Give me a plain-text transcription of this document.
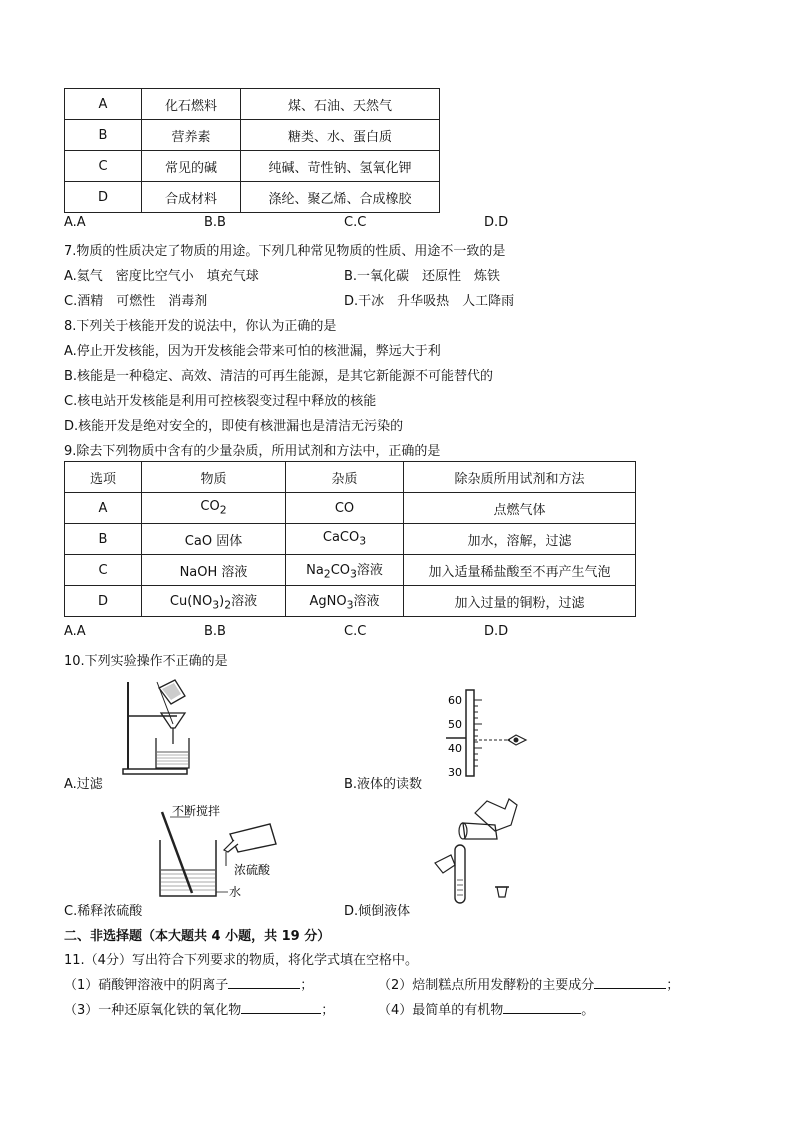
A	化石燃料	煤、石油、天然气
B	营养素	糖类、水、蛋白质
C	常见的碱	纯碱、苛性钠、氢氧化钾
D	合成材料	涤纶、聚乙烯、合成橡胶
A.A	B.B	C.C	D.D
7.物质的性质决定了物质的用途。下列几种常见物质的性质、用途不一致的是
A.氦气　密度比空气小　填充气球	B.一氧化碳　还原性　炼铁
C.酒精　可燃性　消毒剂	D.干冰　升华吸热　人工降雨
8.下列关于核能开发的说法中，你认为正确的是
A.停止开发核能，因为开发核能会带来可怕的核泄漏，弊远大于利
B.核能是一种稳定、高效、清洁的可再生能源，是其它新能源不可能替代的
C.核电站开发核能是利用可控核裂变过程中释放的核能
D.核能开发是绝对安全的，即使有核泄漏也是清洁无污染的
9.除去下列物质中含有的少量杂质，所用试剂和方法中，正确的是
选项	物质	杂质	除杂质所用试剂和方法
A	$CO_2$	CO	点燃气体
B	CaO 固体	CaCO$_3$	加水，溶解，过滤
C	NaOH 溶液	$Na_2CO_3$溶液	加入适量稀盐酸至不再产生气泡
D	$Cu(NO_3)_2$溶液	AgNO$_3$溶液	加入过量的铜粉，过滤
A.A	B.B	C.C	D.D
10.下列实验操作不正确的是
A.过滤
60
50
40
30
B.液体的读数
不断搅拌
浓硫酸
水
C.稀释浓硫酸	D.倾倒液体
二、非选择题（本大题共 4 小题，共 19 分）
11.（4分）写出符合下列要求的物质，将化学式填在空格中。
（1）硝酸钾溶液中的阴离子	；	（2）焙制糕点所用发酵粉的主要成分	；
（3）一种还原氧化铁的氧化物	；	（4）最简单的有机物	。
